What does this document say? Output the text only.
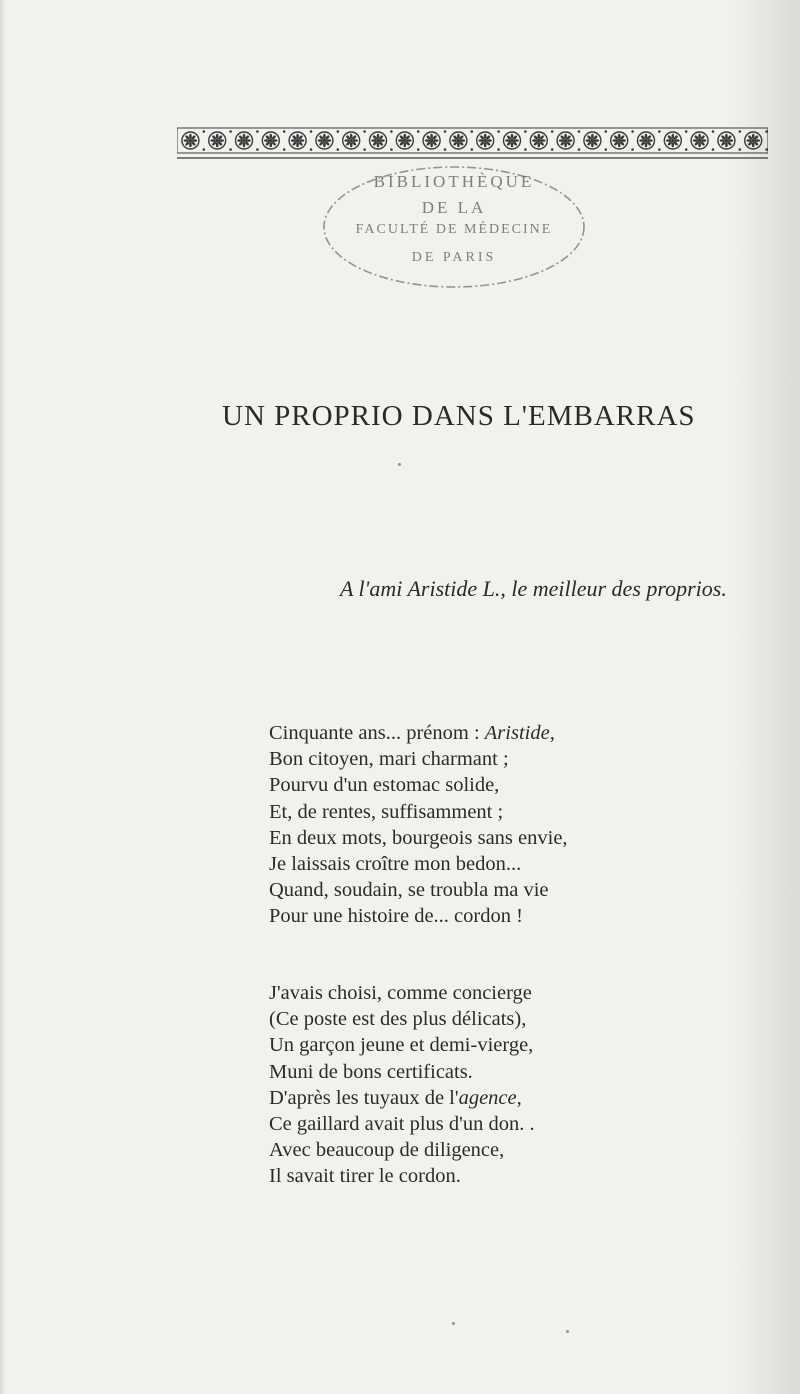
BIBLIOTHÈQUE
DE LA
FACULTÉ DE MÉDECINE
DE PARIS
UN PROPRIO DANS L'EMBARRAS
A l'ami Aristide L., le meilleur des proprios.
Cinquante ans... prénom : Aristide,
Bon citoyen, mari charmant ;
Pourvu d'un estomac solide,
Et, de rentes, suffisamment ;
En deux mots, bourgeois sans envie,
Je laissais croître mon bedon...
Quand, soudain, se troubla ma vie
Pour une histoire de... cordon !
J'avais choisi, comme concierge
(Ce poste est des plus délicats),
Un garçon jeune et demi-vierge,
Muni de bons certificats.
D'après les tuyaux de l'agence,
Ce gaillard avait plus d'un don. .
Avec beaucoup de diligence,
Il savait tirer le cordon.
